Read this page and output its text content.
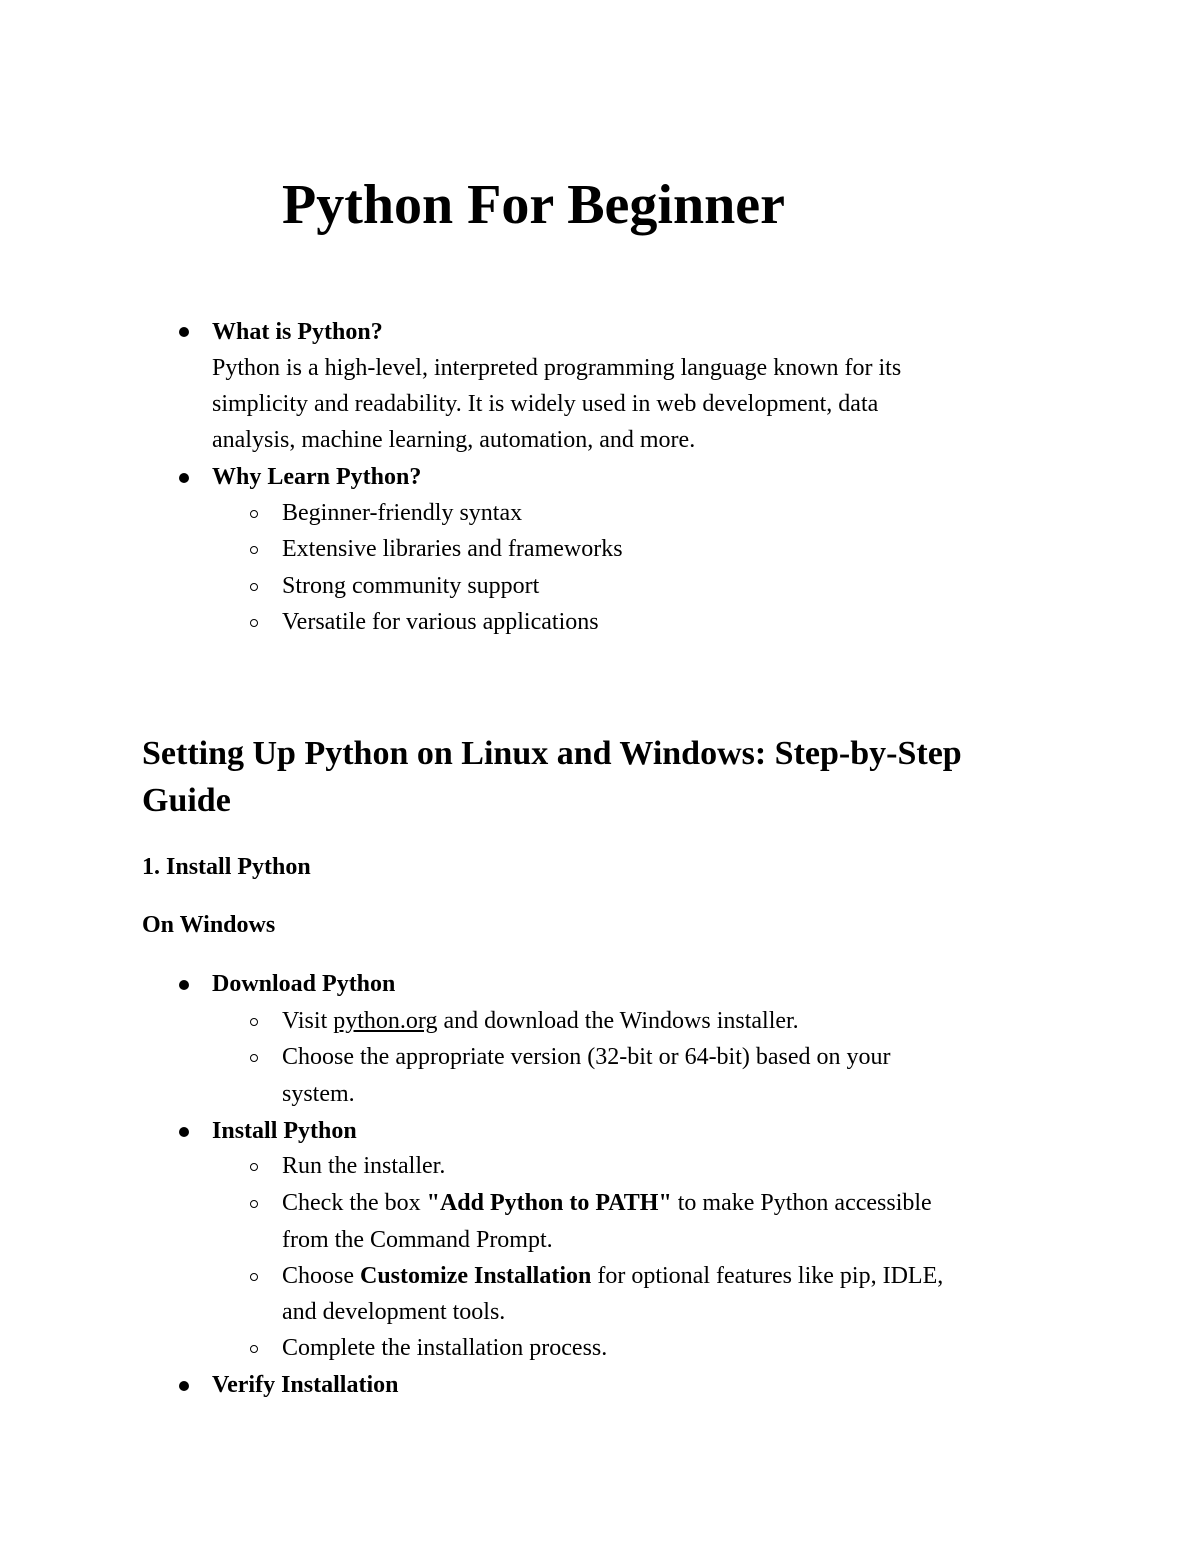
Python For Beginner
What is Python?
Python is a high-level, interpreted programming language known for its
simplicity and readability. It is widely used in web development, data
analysis, machine learning, automation, and more.
Why Learn Python?
Beginner-friendly syntax
Extensive libraries and frameworks
Strong community support
Versatile for various applications
Setting Up Python on Linux and Windows: Step-by-Step
Guide
1. Install Python
On Windows
Download Python
Visit python.org and download the Windows installer.
Choose the appropriate version (32-bit or 64-bit) based on your
system.
Install Python
Run the installer.
Check the box "Add Python to PATH" to make Python accessible
from the Command Prompt.
Choose Customize Installation for optional features like pip, IDLE,
and development tools.
Complete the installation process.
Verify Installation
